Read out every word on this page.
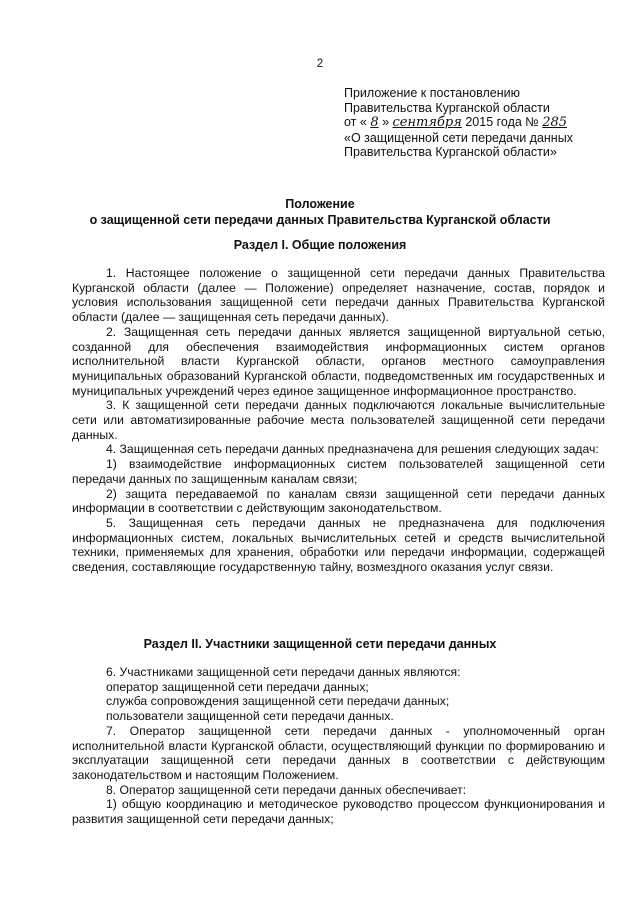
2
Приложение к постановлению
Правительства Курганской области
от « 8 » сентября 2015 года № 285
«О защищенной сети передачи данных
Правительства Курганской области»
Положение
о защищенной сети передачи данных Правительства Курганской области
Раздел I. Общие положения

1. Настоящее положение о защищенной сети передачи данных Правительства Курганской области (далее — Положение) определяет назначение, состав, порядок и условия использования защищенной сети передачи данных Правительства Курганской области (далее — защищенная сеть передачи данных).

2. Защищенная сеть передачи данных является защищенной виртуальной сетью, созданной для обеспечения взаимодействия информационных систем органов исполнительной власти Курганской области, органов местного самоуправления муниципальных образований Курганской области, подведомственных им государственных и муниципальных учреждений через единое защищенное информационное пространство.

3. К защищенной сети передачи данных подключаются локальные вычислительные сети или автоматизированные рабочие места пользователей защищенной сети передачи данных.

4. Защищенная сеть передачи данных предназначена для решения следующих задач:

1) взаимодействие информационных систем пользователей защищенной сети передачи данных по защищенным каналам связи;

2) защита передаваемой по каналам связи защищенной сети передачи данных информации в соответствии с действующим законодательством.

5. Защищенная сеть передачи данных не предназначена для подключения информационных систем, локальных вычислительных сетей и средств вычислительной техники, применяемых для хранения, обработки или передачи информации, содержащей сведения, составляющие государственную тайну, возмездного оказания услуг связи.

Раздел II. Участники защищенной сети передачи данных

6. Участниками защищенной сети передачи данных являются:

оператор защищенной сети передачи данных;

служба сопровождения защищенной сети передачи данных;

пользователи защищенной сети передачи данных.

7. Оператор защищенной сети передачи данных - уполномоченный орган исполнительной власти Курганской области, осуществляющий функции по формированию и эксплуатации защищенной сети передачи данных в соответствии с действующим законодательством и настоящим Положением.

8. Оператор защищенной сети передачи данных обеспечивает:

1) общую координацию и методическое руководство процессом функционирования и развития защищенной сети передачи данных;
